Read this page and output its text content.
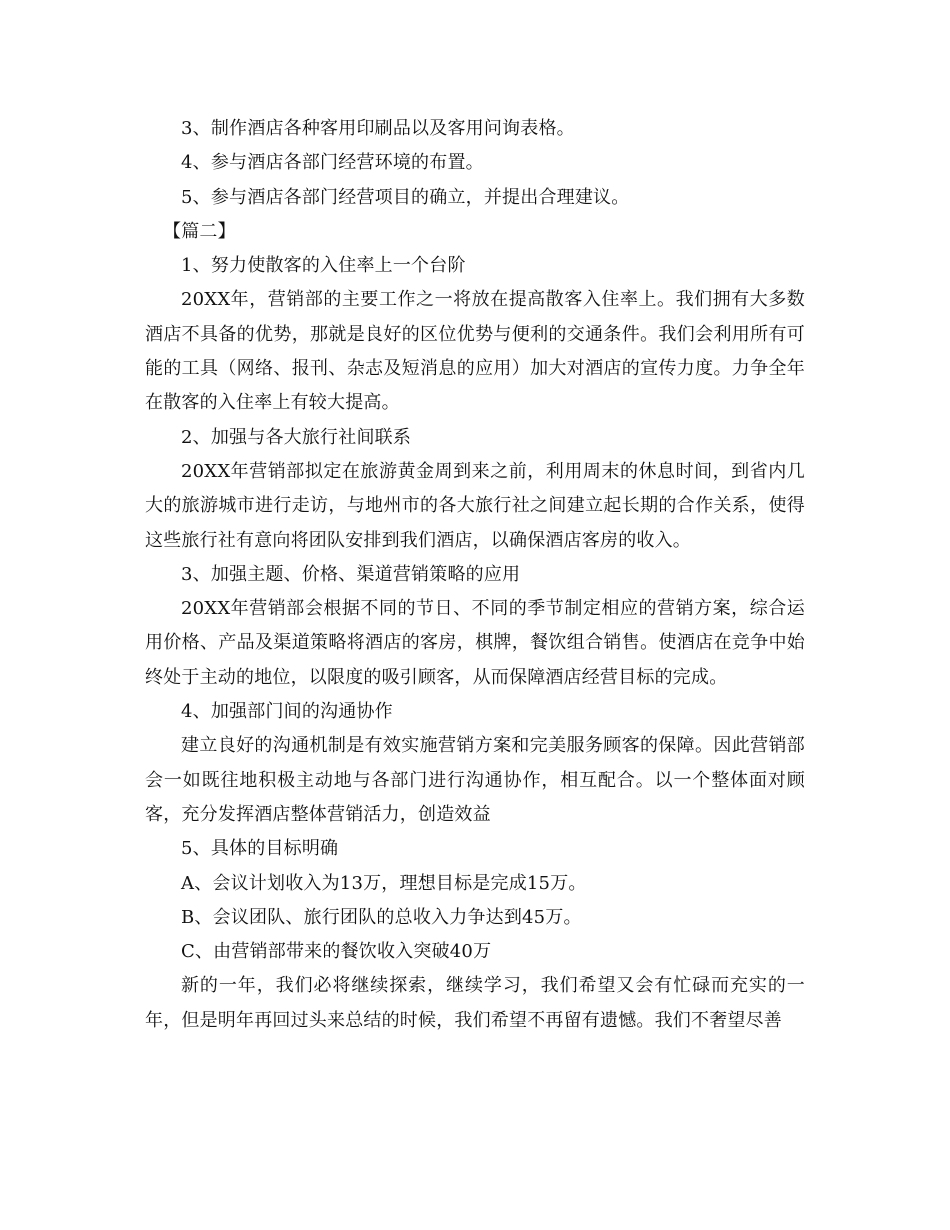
3、制作酒店各种客用印刷品以及客用问询表格。

4、参与酒店各部门经营环境的布置。

5、参与酒店各部门经营项目的确立，并提出合理建议。

【篇二】

1、努力使散客的入住率上一个台阶

20XX年，营销部的主要工作之一将放在提高散客入住率上。我们拥有大多数酒店不具备的优势，那就是良好的区位优势与便利的交通条件。我们会利用所有可能的工具（网络、报刊、杂志及短消息的应用）加大对酒店的宣传力度。力争全年在散客的入住率上有较大提高。

2、加强与各大旅行社间联系

20XX年营销部拟定在旅游黄金周到来之前，利用周末的休息时间，到省内几大的旅游城市进行走访，与地州市的各大旅行社之间建立起长期的合作关系，使得这些旅行社有意向将团队安排到我们酒店，以确保酒店客房的收入。

3、加强主题、价格、渠道营销策略的应用

20XX年营销部会根据不同的节日、不同的季节制定相应的营销方案，综合运用价格、产品及渠道策略将酒店的客房，棋牌，餐饮组合销售。使酒店在竞争中始终处于主动的地位，以限度的吸引顾客，从而保障酒店经营目标的完成。

4、加强部门间的沟通协作

建立良好的沟通机制是有效实施营销方案和完美服务顾客的保障。因此营销部会一如既往地积极主动地与各部门进行沟通协作，相互配合。以一个整体面对顾客，充分发挥酒店整体营销活力，创造效益

5、具体的目标明确

A、会议计划收入为13万，理想目标是完成15万。

B、会议团队、旅行团队的总收入力争达到45万。

C、由营销部带来的餐饮收入突破40万

新的一年，我们必将继续探索，继续学习，我们希望又会有忙碌而充实的一年，但是明年再回过头来总结的时候，我们希望不再留有遗憾。我们不奢望尽善
